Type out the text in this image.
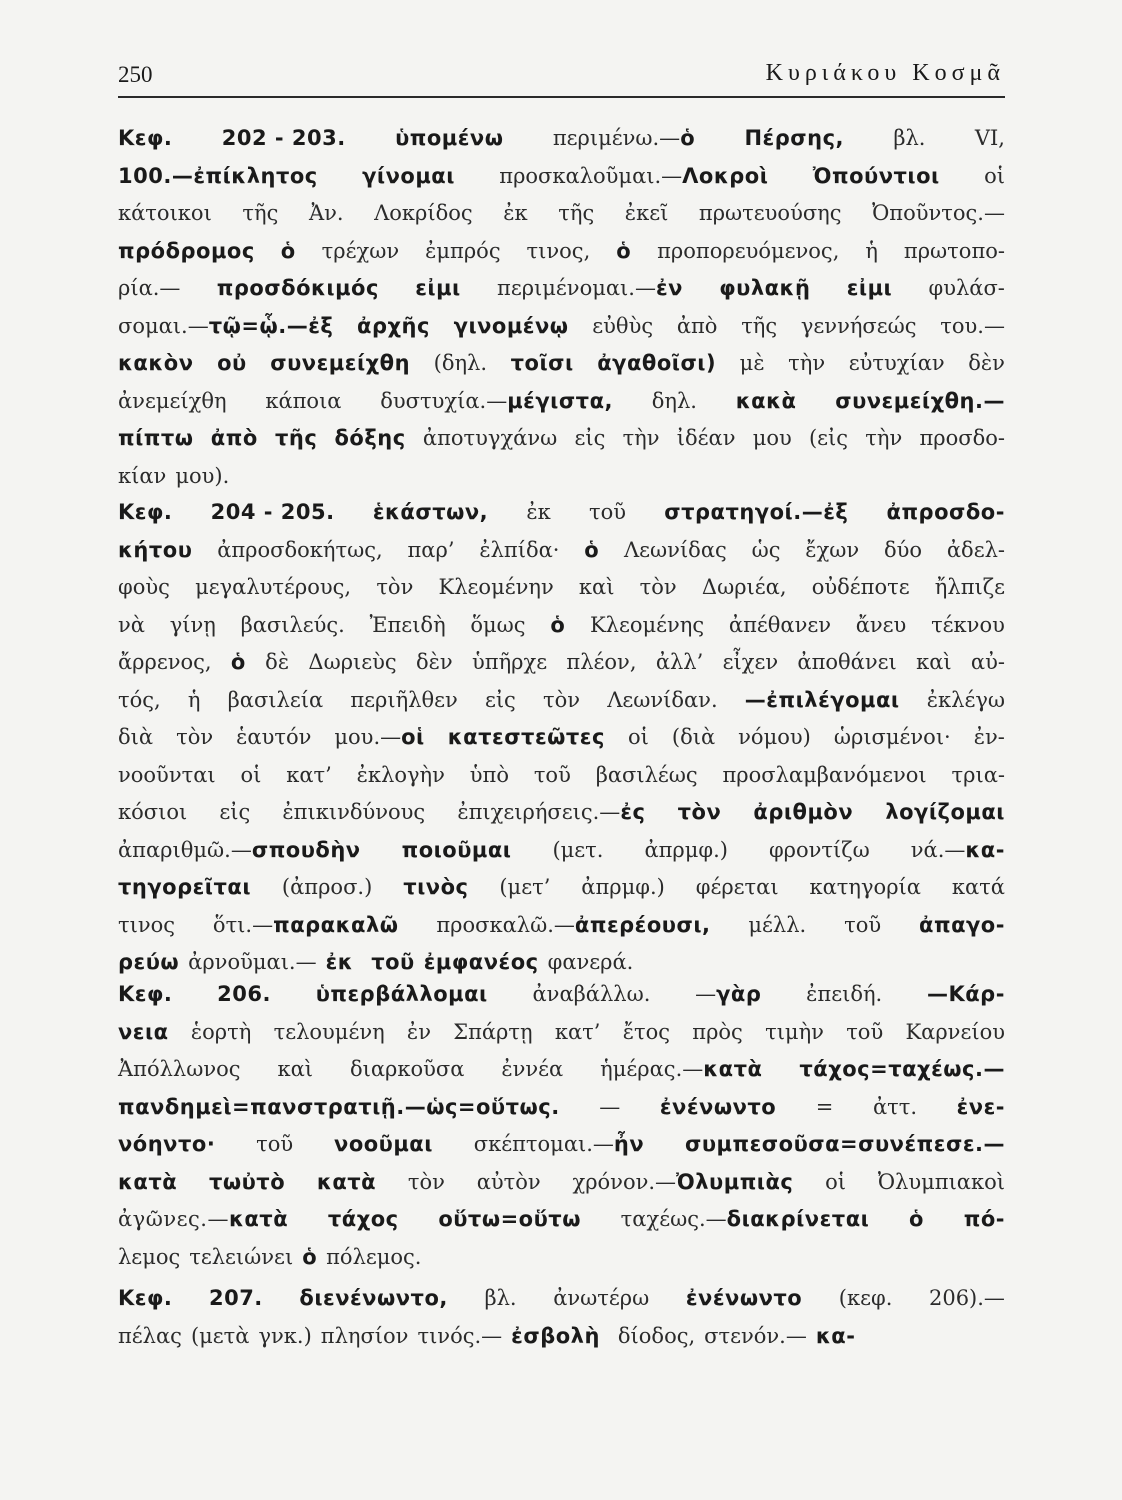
250	Κυριάκου Κοσμᾶ
Κεφ. 202 - 203. ὑπομένω περιμένω.—ὁ Πέρσης, βλ. VI,
100.—ἐπίκλητος γίνομαι προσκαλοῦμαι.—Λοκροὶ Ὀπούντιοι οἱ
κάτοικοι τῆς Ἀν. Λοκρίδος ἐκ τῆς ἐκεῖ πρωτευούσης Ὀποῦντος.—
πρόδρομος ὁ τρέχων ἐμπρός τινος, ὁ προπορευόμενος, ἡ πρωτοπο-
ρία.— προσδόκιμός εἰμι περιμένομαι.—ἐν φυλακῇ εἰμι φυλάσ-
σομαι.—τῷ=ᾧ.—ἐξ ἀρχῆς γινομένῳ εὐθὺς ἀπὸ τῆς γεννήσεώς του.—
κακὸν οὐ συνεμείχθη (δηλ. τοῖσι ἀγαθοῖσι) μὲ τὴν εὐτυχίαν δὲν
ἀνεμείχθη κάποια δυστυχία.—μέγιστα, δηλ. κακὰ συνεμείχθη.—
πίπτω ἀπὸ τῆς δόξης ἀποτυγχάνω εἰς τὴν ἰδέαν μου (εἰς τὴν προσδο-
κίαν μου).
Κεφ. 204 - 205. ἑκάστων, ἐκ τοῦ στρατηγοί.—ἐξ ἀπροσδο-
κήτου ἀπροσδοκήτως, παρ’ ἐλπίδα· ὁ Λεωνίδας ὡς ἔχων δύο ἀδελ-
φοὺς μεγαλυτέρους, τὸν Κλεομένην καὶ τὸν Δωριέα, οὐδέποτε ἤλπιζε
νὰ γίνῃ βασιλεύς. Ἐπειδὴ ὅμως ὁ Κλεομένης ἀπέθανεν ἄνευ τέκνου
ἄρρενος, ὁ δὲ Δωριεὺς δὲν ὑπῆρχε πλέον, ἀλλ’ εἶχεν ἀποθάνει καὶ αὐ-
τός, ἡ βασιλεία περιῆλθεν εἰς τὸν Λεωνίδαν. —ἐπιλέγομαι ἐκλέγω
διὰ τὸν ἑαυτόν μου.—οἱ κατεστεῶτες οἱ (διὰ νόμου) ὡρισμένοι· ἐν-
νοοῦνται οἱ κατ’ ἐκλογὴν ὑπὸ τοῦ βασιλέως προσλαμβανόμενοι τρια-
κόσιοι εἰς ἐπικινδύνους ἐπιχειρήσεις.—ἐς τὸν ἀριθμὸν λογίζομαι
ἀπαριθμῶ.—σπουδὴν ποιοῦμαι (μετ. ἀπρμφ.) φροντίζω νά.—κα-
τηγορεῖται (ἀπροσ.) τινὸς (μετ’ ἀπρμφ.) φέρεται κατηγορία κατά
τινος ὅτι.—παρακαλῶ προσκαλῶ.—ἀπερέουσι, μέλλ. τοῦ ἀπαγο-
ρεύω ἀρνοῦμαι.— ἐκ τοῦ ἐμφανέος φανερά.
Κεφ. 206. ὑπερβάλλομαι ἀναβάλλω. —γὰρ ἐπειδή. —Κάρ-
νεια ἑορτὴ τελουμένη ἐν Σπάρτῃ κατ’ ἔτος πρὸς τιμὴν τοῦ Καρνείου
Ἀπόλλωνος καὶ διαρκοῦσα ἐννέα ἡμέρας.—κατὰ τάχος=ταχέως.—
πανδημεὶ=πανστρατιῇ.—ὡς=οὕτως. — ἐνένωντο = ἀττ. ἐνε-
νόηντο· τοῦ νοοῦμαι σκέπτομαι.—ἦν συμπεσοῦσα=συνέπεσε.—
κατὰ τωὐτὸ κατὰ τὸν αὐτὸν χρόνον.—Ὀλυμπιὰς οἱ Ὀλυμπιακοὶ
ἀγῶνες.—κατὰ τάχος οὕτω=οὕτω ταχέως.—διακρίνεται ὁ πό-
λεμος τελειώνει ὁ πόλεμος.
Κεφ. 207. διενένωντο, βλ. ἀνωτέρω ἐνένωντο (κεφ. 206).—
πέλας (μετὰ γνκ.) πλησίον τινός.— ἐσβολὴ δίοδος, στενόν.— κα-
